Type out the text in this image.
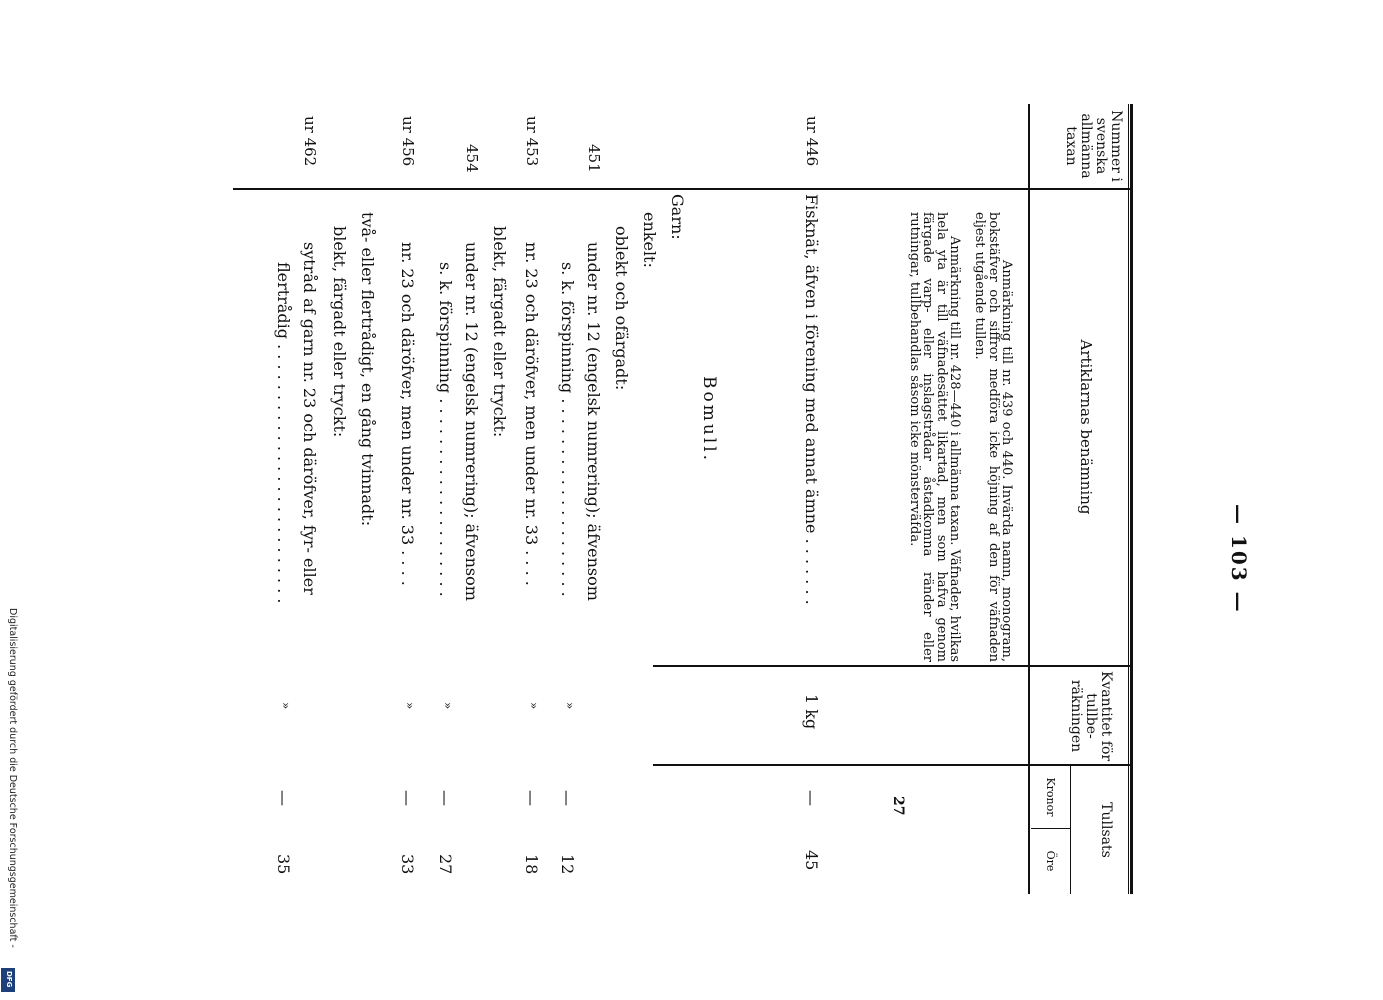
— 103 —
Nummer i svenska allmänna taxan
Artiklarnas benämning
Kvantitet för tullbe-räkningen
Tullsats
Kronor
Öre
Anmärkning till nr. 439 och 440. Invärda namn, monogram, bokstäfver och siffror medföra icke höjning af den för väfnaden eljest utgående tullen.
Anmärkning till nr. 428—440 i allmänna taxan. Väfnader, hvilkas hela yta är till väfnadesättet likartad, men som hafva genom färgade varp- eller inslagstrådar åstadkomna ränder eller rutningar, tullbehandlas såsom icke mönsterväfda.
ur 446
Fisknät, äfven i förening med annat ämne . . . . . . .
1 kg
—
45
Bomull.
Garn:
enkelt:
oblekt och ofärgadt:
451
under nr. 12 (engelsk numrering); äfvensom
s. k. förspinning . . . . . . . . . . . . . . . . . . . .
»
—
12
ur 453
nr. 23 och däröfver, men under nr. 33 . . . .
»
—
18
blekt, färgadt eller tryckt:
454
under nr. 12 (engelsk numrering); äfvensom
s. k. förspinning . . . . . . . . . . . . . . . . . . . .
»
—
27
ur 456
nr. 23 och däröfver, men under nr. 33 . . . .
»
—
33
två- eller flertrådigt, en gång tvinnadt:
blekt, färgadt eller tryckt:
ur 462
sytråd af garn nr. 23 och däröfver, fyr- eller
flertrådig . . . . . . . . . . . . . . . . . . . . . . . . . .
»
—
35
27
Digitalisierung gefördert durch die Deutsche Forschungsgemeinschaft -
DFG
